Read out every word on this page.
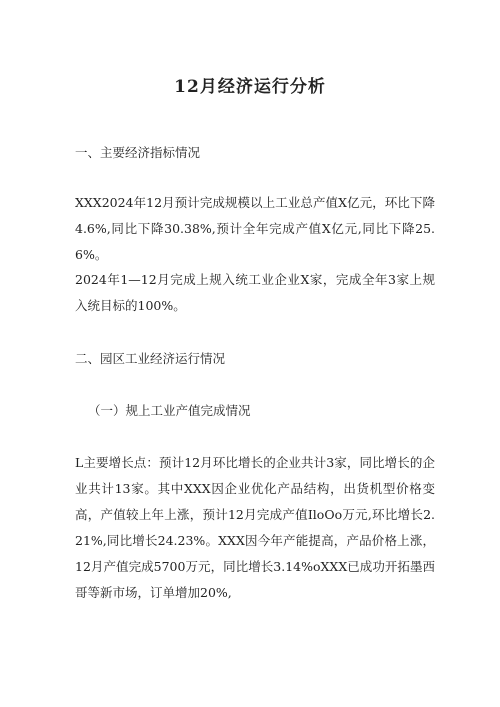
12月经济运行分析
一、主要经济指标情况
XXX2024年12月预计完成规模以上工业总产值X亿元，环比下降4.6%,同比下降30.38%,预计全年完成产值X亿元,同比下降25.6%。
2024年1—12月完成上规入统工业企业X家，完成全年3家上规入统目标的100%。
二、园区工业经济运行情况
（一）规上工业产值完成情况
L主要增长点：预计12月环比增长的企业共计3家，同比增长的企业共计13家。其中XXX因企业优化产品结构，出货机型价格变高，产值较上年上涨，预计12月完成产值IloOo万元,环比增长2.21%,同比增长24.23%。XXX因今年产能提高，产品价格上涨，12月产值完成5700万元，同比增长3.14%oXXX已成功开拓墨西哥等新市场，订单增加20%,
